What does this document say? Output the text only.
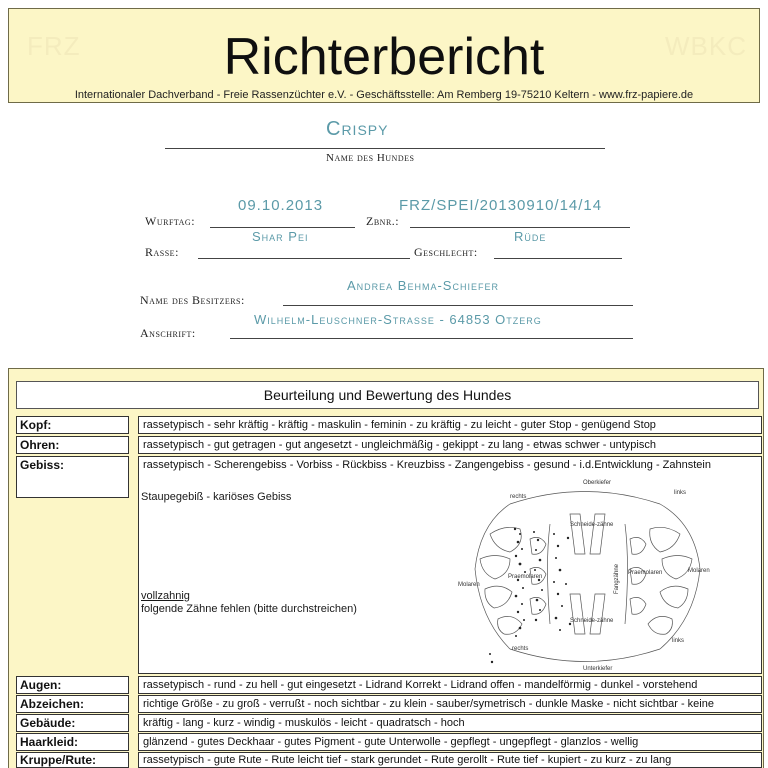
FRZ	WBKC
Richterbericht
Internationaler Dachverband - Freie Rassenzüchter e.V. - Geschäftsstelle: Am Remberg 19-75210 Keltern - www.frz-papiere.de
Crispy
Name des Hundes
09.10.2013
Wurftag:
FRZ/SPEI/20130910/14/14
Zbnr.:
Shar Pei
Rasse:
Rüde
Geschlecht:
Andrea Behma-Schiefer
Name des Besitzers:
Wilhelm-Leuschner-Strasse - 64853 Otzerg
Anschrift:
Beurteilung und Bewertung des Hundes
Kopf:	rassetypisch - sehr kräftig - kräftig - maskulin - feminin - zu kräftig - zu leicht - guter Stop - genügend Stop
Ohren:	rassetypisch - gut getragen - gut angesetzt - ungleichmäßig - gekippt - zu lang - etwas schwer - untypisch
Gebiss:	rassetypisch - Scherengebiss - Vorbiss - Rückbiss - Kreuzbiss - Zangengebiss - gesund - i.d.Entwicklung - Zahnstein
Staupegebiß - kariöses Gebiss
vollzahnig
folgende Zähne fehlen (bitte durchstreichen)
Oberkiefer
Unterkiefer
rechts
links
rechts
links
Schneide-zähne
Schneide-zähne
Praemolaren
Praemolaren
Molaren
Molaren
Fangzähne
Augen:	rassetypisch - rund - zu hell - gut eingesetzt - Lidrand Korrekt - Lidrand offen - mandelförmig - dunkel - vorstehend
Abzeichen:	richtige Größe - zu groß - verrußt - noch sichtbar - zu klein - sauber/symetrisch - dunkle Maske - nicht sichtbar - keine
Gebäude:	kräftig - lang - kurz - windig - muskulös - leicht - quadratsch - hoch
Haarkleid:	glänzend - gutes Deckhaar - gutes Pigment - gute Unterwolle - gepflegt - ungepflegt - glanzlos - wellig
Kruppe/Rute:	rassetypisch - gute Rute - Rute leicht tief - stark gerundet - Rute gerollt - Rute tief - kupiert - zu kurz - zu lang
